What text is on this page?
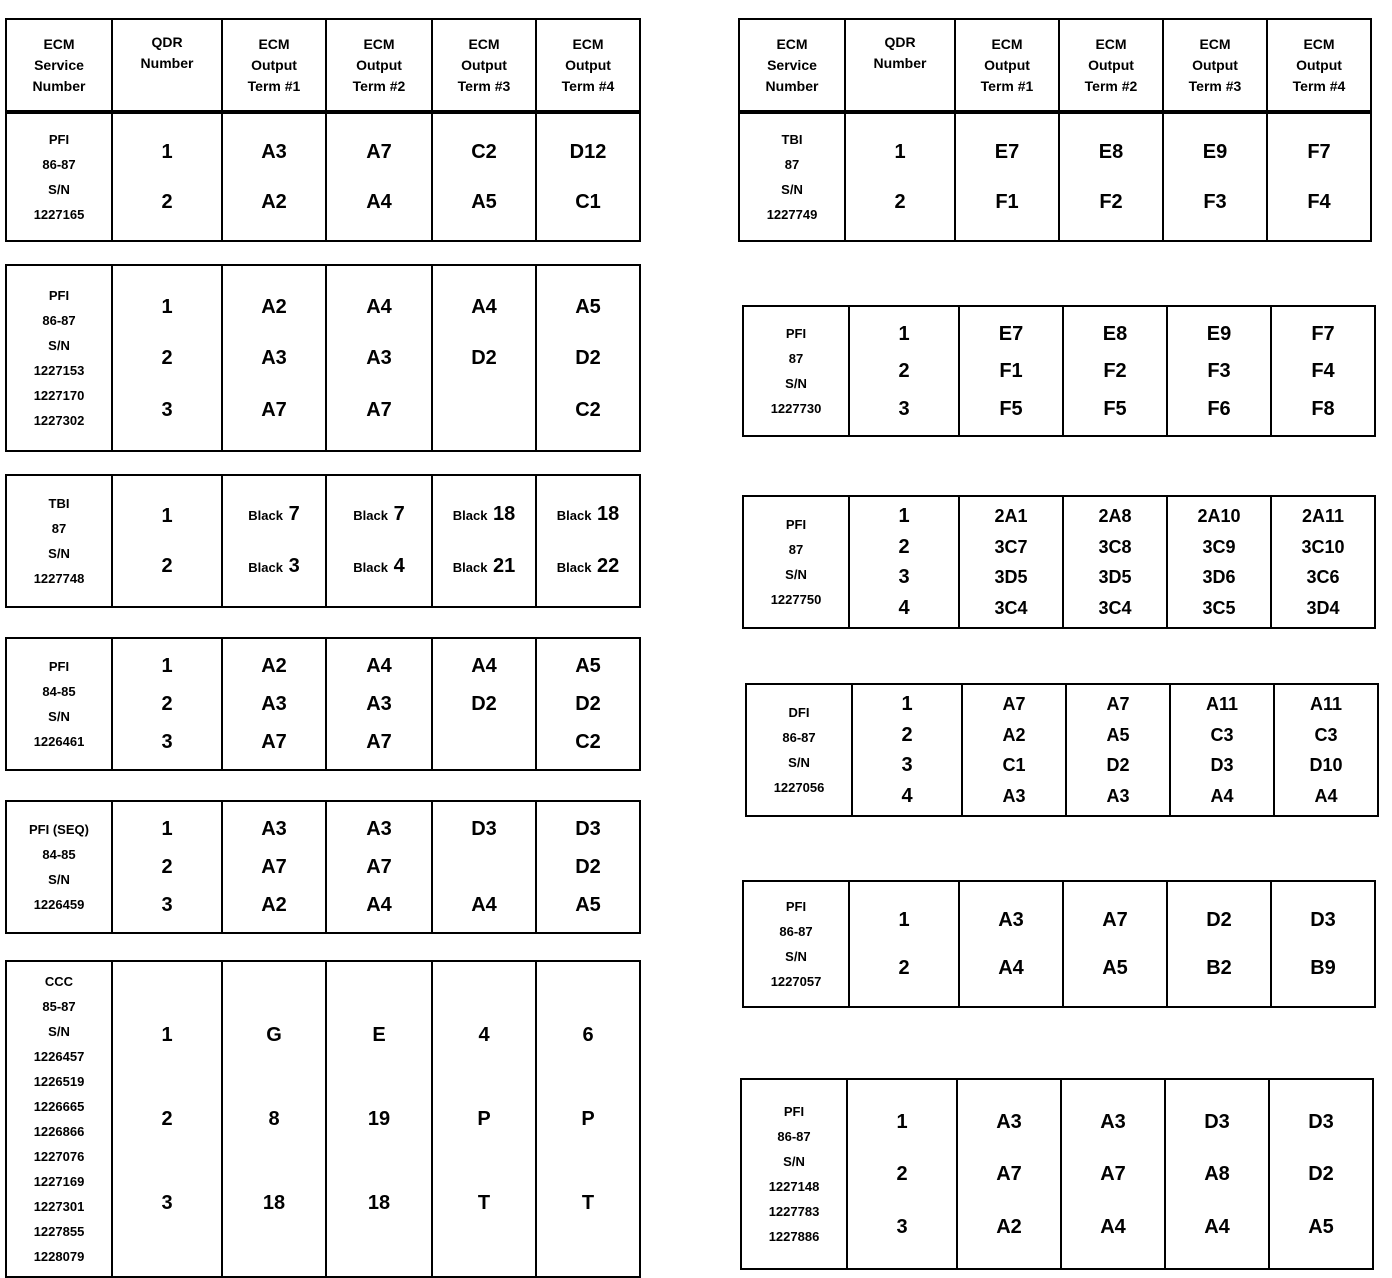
ECM
Service
Number
QDR
Number
ECM
Output
Term #1
ECM
Output
Term #2
ECM
Output
Term #3
ECM
Output
Term #4
ECM
Service
Number
QDR
Number
ECM
Output
Term #1
ECM
Output
Term #2
ECM
Output
Term #3
ECM
Output
Term #4
PFI
86-87
S/N
1227165
1
2
A3
A2
A7
A4
C2
A5
D12
C1
PFI
86-87
S/N
1227153
1227170
1227302
1
2
3
A2
A3
A7
A4
A3
A7
A4
D2

A5
D2
C2
TBI
87
S/N
1227748
1
2
Black 7
Black 3
Black 7
Black 4
Black 18
Black 21
Black 18
Black 22
PFI
84-85
S/N
1226461
1
2
3
A2
A3
A7
A4
A3
A7
A4
D2

A5
D2
C2
PFI (SEQ)
84-85
S/N
1226459
1
2
3
A3
A7
A2
A3
A7
A4
D3

A4
D3
D2
A5
CCC
85-87
S/N
1226457
1226519
1226665
1226866
1227076
1227169
1227301
1227855
1228079
1
2
3
G
8
18
E
19
18
4
P
T
6
P
T
TBI
87
S/N
1227749
1
2
E7
F1
E8
F2
E9
F3
F7
F4
PFI
87
S/N
1227730
1
2
3
E7
F1
F5
E8
F2
F5
E9
F3
F6
F7
F4
F8
PFI
87
S/N
1227750
1
2
3
4
2A1
3C7
3D5
3C4
2A8
3C8
3D5
3C4
2A10
3C9
3D6
3C5
2A11
3C10
3C6
3D4
DFI
86-87
S/N
1227056
1
2
3
4
A7
A2
C1
A3
A7
A5
D2
A3
A11
C3
D3
A4
A11
C3
D10
A4
PFI
86-87
S/N
1227057
1
2
A3
A4
A7
A5
D2
B2
D3
B9
PFI
86-87
S/N
1227148
1227783
1227886
1
2
3
A3
A7
A2
A3
A7
A4
D3
A8
A4
D3
D2
A5
